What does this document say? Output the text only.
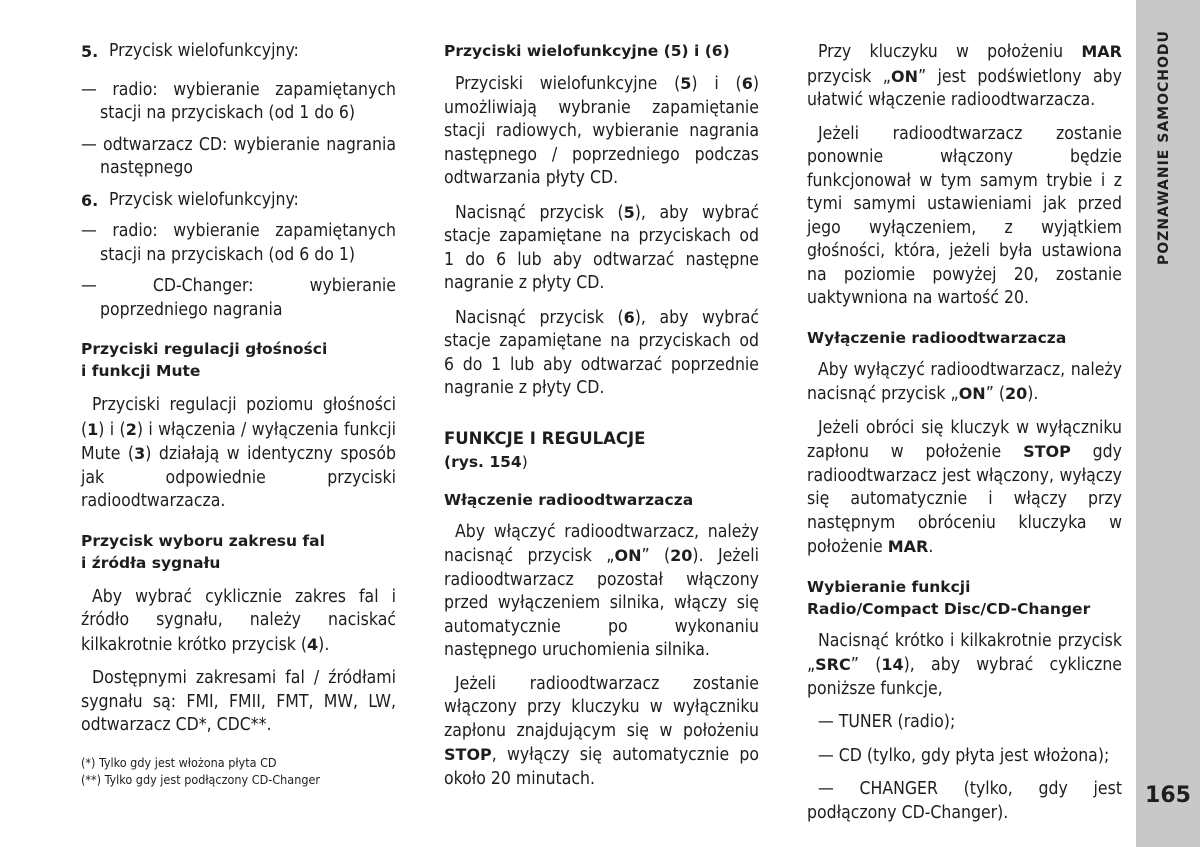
5. Przycisk wielofunkcyjny:

— radio: wybieranie zapamiętanych stacji na przyciskach (od 1 do 6)

— odtwarzacz CD: wybieranie nagrania następnego

6. Przycisk wielofunkcyjny:

— radio: wybieranie zapamiętanych stacji na przyciskach (od 6 do 1)

— CD-Changer: wybieranie poprzedniego nagrania

Przyciski regulacji głośności
i funkcji Mute

Przyciski regulacji poziomu głośności (1) i (2) i włączenia / wyłączenia funkcji Mute (3) działają w identyczny sposób jak odpowiednie przyciski radioodtwarzacza.

Przycisk wyboru zakresu fal
i źródła sygnału

Aby wybrać cyklicznie zakres fal i źródło sygnału, należy naciskać kilkakrotnie krótko przycisk (4).

Dostępnymi zakresami fal / źródłami sygnału są: FMI, FMII, FMT, MW, LW, odtwarzacz CD*, CDC**.

(*) Tylko gdy jest włożona płyta CD

(**) Tylko gdy jest podłączony CD-Changer

Przyciski wielofunkcyjne (5) i (6)

Przyciski wielofunkcyjne (5) i (6) umożliwiają wybranie zapamiętanie stacji radiowych, wybieranie nagrania następnego / poprzedniego podczas odtwarzania płyty CD.

Nacisnąć przycisk (5), aby wybrać stacje zapamiętane na przyciskach od 1 do 6 lub aby odtwarzać następne nagranie z płyty CD.

Nacisnąć przycisk (6), aby wybrać stacje zapamiętane na przyciskach od 6 do 1 lub aby odtwarzać poprzednie nagranie z płyty CD.

FUNKCJE I REGULACJE

(rys. 154)

Włączenie radioodtwarzacza

Aby włączyć radioodtwarzacz, należy nacisnąć przycisk „ON” (20). Jeżeli radioodtwarzacz pozostał włączony przed wyłączeniem silnika, włączy się automatycznie po wykonaniu następnego uruchomienia silnika.

Jeżeli radioodtwarzacz zostanie włączony przy kluczyku w wyłączniku zapłonu znajdującym się w położeniu STOP, wyłączy się automatycznie po około 20 minutach.

Przy kluczyku w położeniu MAR przycisk „ON” jest podświetlony aby ułatwić włączenie radioodtwarzacza.

Jeżeli radioodtwarzacz zostanie ponownie włączony będzie funkcjonował w tym samym trybie i z tymi samymi ustawieniami jak przed jego wyłączeniem, z wyjątkiem głośności, która, jeżeli była ustawiona na poziomie powyżej 20, zostanie uaktywniona na wartość 20.

Wyłączenie radioodtwarzacza

Aby wyłączyć radioodtwarzacz, należy nacisnąć przycisk „ON” (20).

Jeżeli obróci się kluczyk w wyłączniku zapłonu w położenie STOP gdy radioodtwarzacz jest włączony, wyłączy się automatycznie i włączy przy następnym obróceniu kluczyka w położenie MAR.

Wybieranie funkcji
Radio/Compact Disc/CD-Changer

Nacisnąć krótko i kilkakrotnie przycisk „SRC” (14), aby wybrać cykliczne poniższe funkcje,

— TUNER (radio);

— CD (tylko, gdy płyta jest włożona);

— CHANGER (tylko, gdy jest podłączony CD-Changer).

POZNAWANIE SAMOCHODU
165
